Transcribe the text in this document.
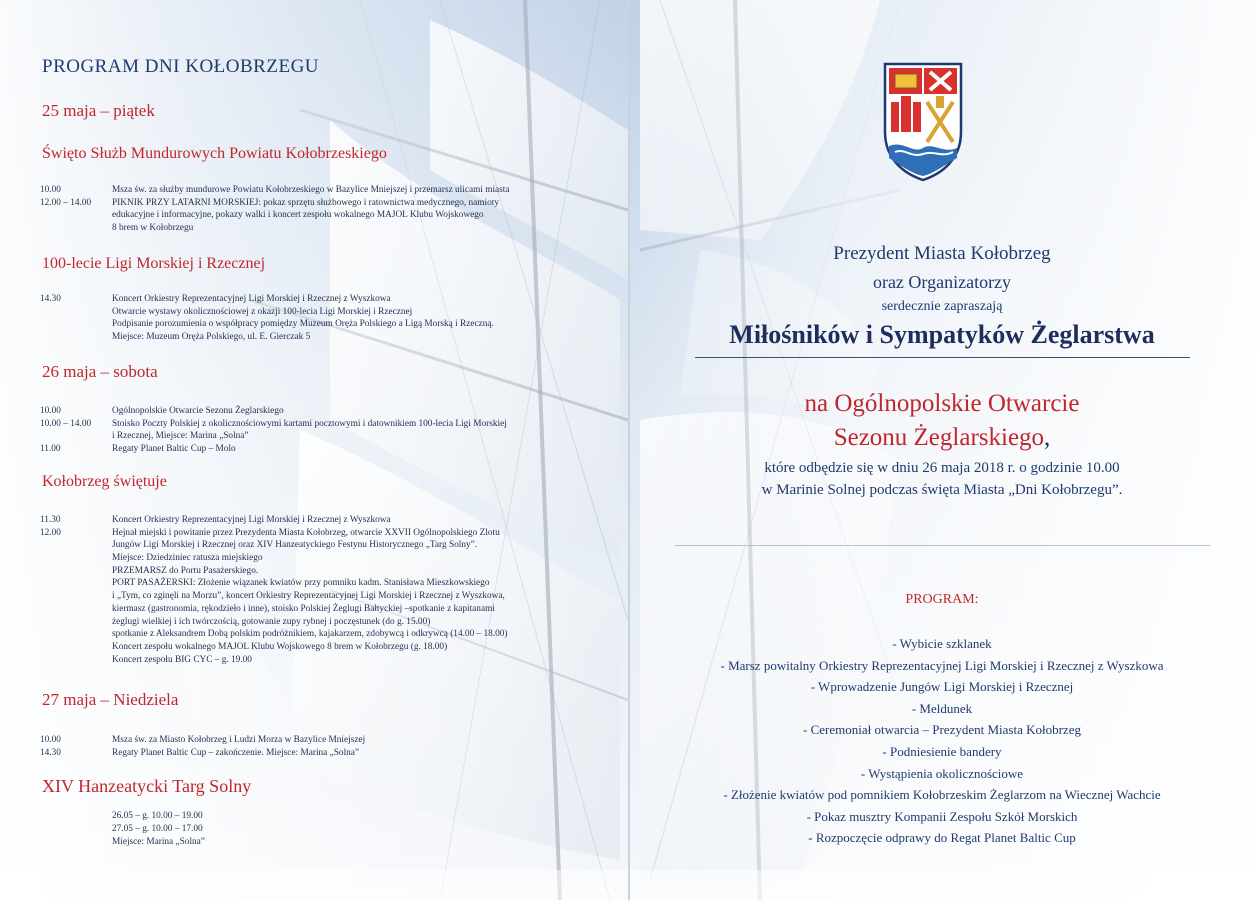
PROGRAM DNI KOŁOBRZEGU
25 maja – piątek
Święto Służb Mundurowych Powiatu Kołobrzeskiego
10.00	Msza św. za służby mundurowe Powiatu Kołobrzeskiego w Bazylice Mniejszej i przemarsz ulicami miasta
12.00 – 14.00 PIKNIK PRZY LATARNI MORSKIEJ: pokaz sprzętu służbowego i ratownictwa medycznego, namioty
edukacyjne i informacyjne, pokazy walki i koncert zespołu wokalnego MAJOL Klubu Wojskowego
8 brem w Kołobrzegu
100-lecie Ligi Morskiej i Rzecznej
14.30	Koncert Orkiestry Reprezentacyjnej Ligi Morskiej i Rzecznej z Wyszkowa
Otwarcie wystawy okolicznościowej z okazji 100-lecia Ligi Morskiej i Rzecznej
Podpisanie porozumienia o współpracy pomiędzy Muzeum Oręża Polskiego a Ligą Morską i Rzeczną.
Miejsce: Muzeum Oręża Polskiego, ul. E. Gierczak 5
26 maja – sobota
10.00	Ogólnopolskie Otwarcie Sezonu Żeglarskiego
10.00 – 14.00 Stoisko Poczty Polskiej z okolicznościowymi kartami pocztowymi i datownikiem 100-lecia Ligi Morskiej
i Rzecznej, Miejsce: Marina „Solna”
11.00	Regaty Planet Baltic Cup – Molo
Kołobrzeg świętuje
11.30	Koncert Orkiestry Reprezentacyjnej Ligi Morskiej i Rzecznej z Wyszkowa
12.00	Hejnał miejski i powitanie przez Prezydenta Miasta Kołobrzeg, otwarcie XXVII Ogólnopolskiego Zlotu
Jungów Ligi Morskiej i Rzecznej oraz XIV Hanzeatyckiego Festynu Historycznego „Targ Solny”.
Miejsce: Dziedziniec ratusza miejskiego
PRZEMARSZ do Portu Pasażerskiego.
PORT PASAŻERSKI: Złożenie wiązanek kwiatów przy pomniku kadm. Stanisława Mieszkowskiego
i „Tym, co zginęli na Morzu”, koncert Orkiestry Reprezentacyjnej Ligi Morskiej i Rzecznej z Wyszkowa,
kiermasz (gastronomia, rękodzieło i inne), stoisko Polskiej Żeglugi Bałtyckiej –spotkanie z kapitanami
żeglugi wielkiej i ich twórczością, gotowanie zupy rybnej i poczęstunek (do g. 15.00)
spotkanie z Aleksandrem Dobą polskim podróżnikiem, kajakarzem, zdobywcą i odkrywcą (14.00 – 18.00)
Koncert zespołu wokalnego MAJOL Klubu Wojskowego 8 brem w Kołobrzegu (g. 18.00)
Koncert zespołu BIG CYC – g. 19.00
27 maja – Niedziela
10.00	Msza św. za Miasto Kołobrzeg i Ludzi Morza w Bazylice Mniejszej
14.30	Regaty Planet Baltic Cup – zakończenie. Miejsce: Marina „Solna”
XIV Hanzeatycki Targ Solny
26.05 – g. 10.00 – 19.00
27.05 – g. 10.00 – 17.00
Miejsce: Marina „Solna”
Prezydent Miasta Kołobrzeg
oraz Organizatorzy
serdecznie zapraszają
Miłośników i Sympatyków Żeglarstwa
na Ogólnopolskie Otwarcie
Sezonu Żeglarskiego,
które odbędzie się w dniu 26 maja 2018 r. o godzinie 10.00
w Marinie Solnej podczas święta Miasta „Dni Kołobrzegu”.
PROGRAM:
- Wybicie szklanek
- Marsz powitalny Orkiestry Reprezentacyjnej Ligi Morskiej i Rzecznej z Wyszkowa
- Wprowadzenie Jungów Ligi Morskiej i Rzecznej
- Meldunek
- Ceremoniał otwarcia – Prezydent Miasta Kołobrzeg
- Podniesienie bandery
- Wystąpienia okolicznościowe
- Złożenie kwiatów pod pomnikiem Kołobrzeskim Żeglarzom na Wiecznej Wachcie
- Pokaz musztry Kompanii Zespołu Szkół Morskich
- Rozpoczęcie odprawy do Regat Planet Baltic Cup
